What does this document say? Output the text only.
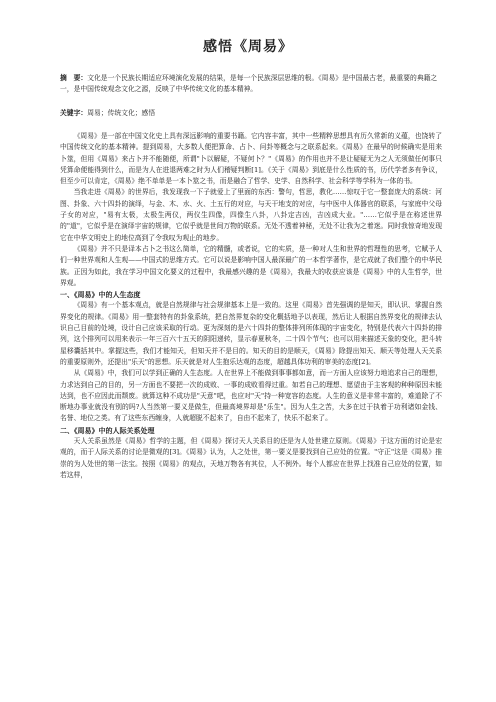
感悟《周易》
摘　要：文化是一个民族长期适应环境演化发展的结果，是每一个民族深层思维的根。《周易》是中国最古老，最重要的典籍之一，是中国传统观念文化之源，反映了中华传统文化的基本精神。
关键字：周易；传统文化；感悟

《周易》是一部在中国文化史上具有深远影响的重要书籍。它内容丰富，其中一些精粹思想具有历久常新的义蕴，也饶转了中国传统文化的基本精神。提到周易，大多数人便把算命、占卜、问卦等概念与之联系起来。《周易》在最早的时候确实是用来卜筮，但用《周易》来占卜并不能随便，所谓"卜以解疑，不疑何卜？"《周易》的作用也并不是让疑疑无为之人无须做任何事只凭算命便能得到什么，而是为人在进退两难之时为人们稽疑判断[1]。《关于《周易》到底是什么性质的书，历代学者多有争议，但至少可以肯定，《周易》绝不单单是一本卜筮之书，而是融合了哲学、史学、自然科学、社会科学等学科为一体的书。

当我走进《周易》的世界后，我发现我一下子就爱上了里面的东西：警句，哲思，教化……惊叹于它一整套庞大的系统：河图、卦象、六十四卦的演绎，与金、木、水、火、土五行的对应，与天干地支的对应，与中医中人体器官的联系，与家庭中父母子女的对应，"易有太极，太极生两仪，两仪生四像，四像生八卦，八卦定吉凶，吉凶成大业。"……它似乎是在称述世界的"道"，它似乎是在演绎宇宙的规律，它似乎就是世间万物的联系。无处不透着神秘，无处不让我为之着迷。同时我惊奇地发现它在中华文明史上的地位高到了令我叹为观止的地步。

《周易》并不只是译本占卜之书这么简单，它的精髓，或者说，它的实质，是一种对人生和世界的哲理性的思考，它赋予人们一种世界观和人生观——中国式的思维方式。它可以说是影响中国人最深最广的一本哲学著作，是它成就了我们整个的中华民族。正因为如此，我在学习中国文化要义的过程中，我最感兴趣的是《周易》，我最大的收获应该是《周易》中的人生哲学，世界观。

一、《周易》中的人生态度

《周易》有一个基本观点，就是自然规律与社会规律基本上是一致的。这里《周易》首先强调的是知天，即认识、掌握自然界变化的规律。《周易》用一整套特有的卦象系统，把自然界复杂的变化概括地予以表现，然后让人根据自然界变化的规律去认识自己目前的处境，设计自己应该采取的行动。更为深刻的是六十四卦的整体排列所体现的宇宙变化，特别是代表六十四卦的排列，这个排列可以用来表示一年三百六十五天的阴阳递转，显示春夏秋冬，二十四个节气；也可以用来描述天象的变化，把斗转星移囊括其中。掌握这些，我们才能知天，但知天并不是目的。知天的目的是顺天，《周易》除提出知天、顺天等处理人天关系的重要原则外，还提出"乐天"的思想。乐天就是对人生抱乐达观的态度，超越具体功利的审美的态度[2]。

从《周易》中，我们可以学到正确的人生态度。人在世界上不能做到事事都如意，而一方面人应该努力地追求自己的理想，力求达到自己的目的，另一方面也不要把一次的成败、一事的成败看得过重。如若自己的理想、愿望由于主客观的种种原因未能达到，也不应因此而颓废。就算这种不成功是"天意"吧，也应对"天"持一种宽容的态度。人生的意义是非常丰富的，难道除了不断地办事业就没有别的吗?人当然第一要义是做生，但最高境界却是"乐生"。因为人生之苦，大多在过于执着于功利诸如金钱、名誉、地位之类。有了这些东西缠身，人就超脱不起来了，自由不起来了，快乐不起来了。

二、《周易》中的人际关系处理

天人关系虽然是《周易》哲学的主题，但《周易》探讨天人关系目的还是为人处世建立原则。《周易》于这方面的讨论是宏观的，而于人际关系的讨论是微观的[3]。《周易》认为，人之处世，第一要义是要找到自己应处的位置。"守正"这是《周易》推崇的为人处世的第一法宝。按照《周易》的观点，天地万物各有其位，人不例外。每个人都应在世界上找准自己应处的位置，如若这样，
